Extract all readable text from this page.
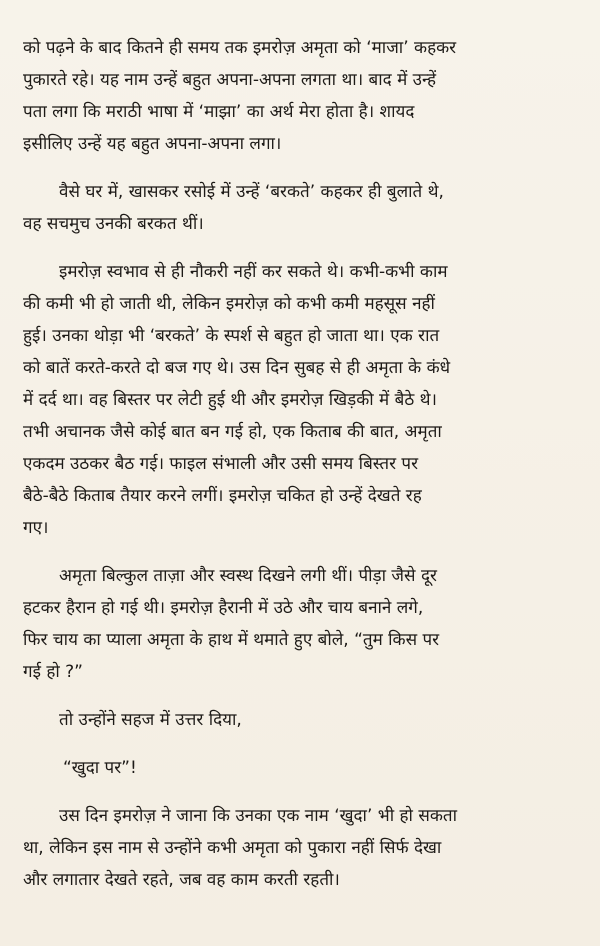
को पढ़ने के बाद कितने ही समय तक इमरोज़ अमृता को ‘माजा’ कहकर
पुकारते रहे। यह नाम उन्हें बहुत अपना-अपना लगता था। बाद में उन्हें
पता लगा कि मराठी भाषा में ‘माझा’ का अर्थ मेरा होता है। शायद
इसीलिए उन्हें यह बहुत अपना-अपना लगा।
वैसे घर में, खासकर रसोई में उन्हें ‘बरकते’ कहकर ही बुलाते थे,
वह सचमुच उनकी बरकत थीं।
इमरोज़ स्वभाव से ही नौकरी नहीं कर सकते थे। कभी-कभी काम
की कमी भी हो जाती थी, लेकिन इमरोज़ को कभी कमी महसूस नहीं
हुई। उनका थोड़ा भी ‘बरकते’ के स्पर्श से बहुत हो जाता था। एक रात
को बातें करते-करते दो बज गए थे। उस दिन सुबह से ही अमृता के कंधे
में दर्द था। वह बिस्तर पर लेटी हुई थी और इमरोज़ खिड़की में बैठे थे।
तभी अचानक जैसे कोई बात बन गई हो, एक किताब की बात, अमृता
एकदम उठकर बैठ गई। फाइल संभाली और उसी समय बिस्तर पर
बैठे-बैठे किताब तैयार करने लगीं। इमरोज़ चकित हो उन्हें देखते रह
गए।
अमृता बिल्कुल ताज़ा और स्वस्थ दिखने लगी थीं। पीड़ा जैसे दूर
हटकर हैरान हो गई थी। इमरोज़ हैरानी में उठे और चाय बनाने लगे,
फिर चाय का प्याला अमृता के हाथ में थमाते हुए बोले, “तुम किस पर
गई हो ?”
तो उन्होंने सहज में उत्तर दिया,
“खुदा पर”!
उस दिन इमरोज़ ने जाना कि उनका एक नाम ‘खुदा’ भी हो सकता
था, लेकिन इस नाम से उन्होंने कभी अमृता को पुकारा नहीं सिर्फ देखा
और लगातार देखते रहते, जब वह काम करती रहती।
